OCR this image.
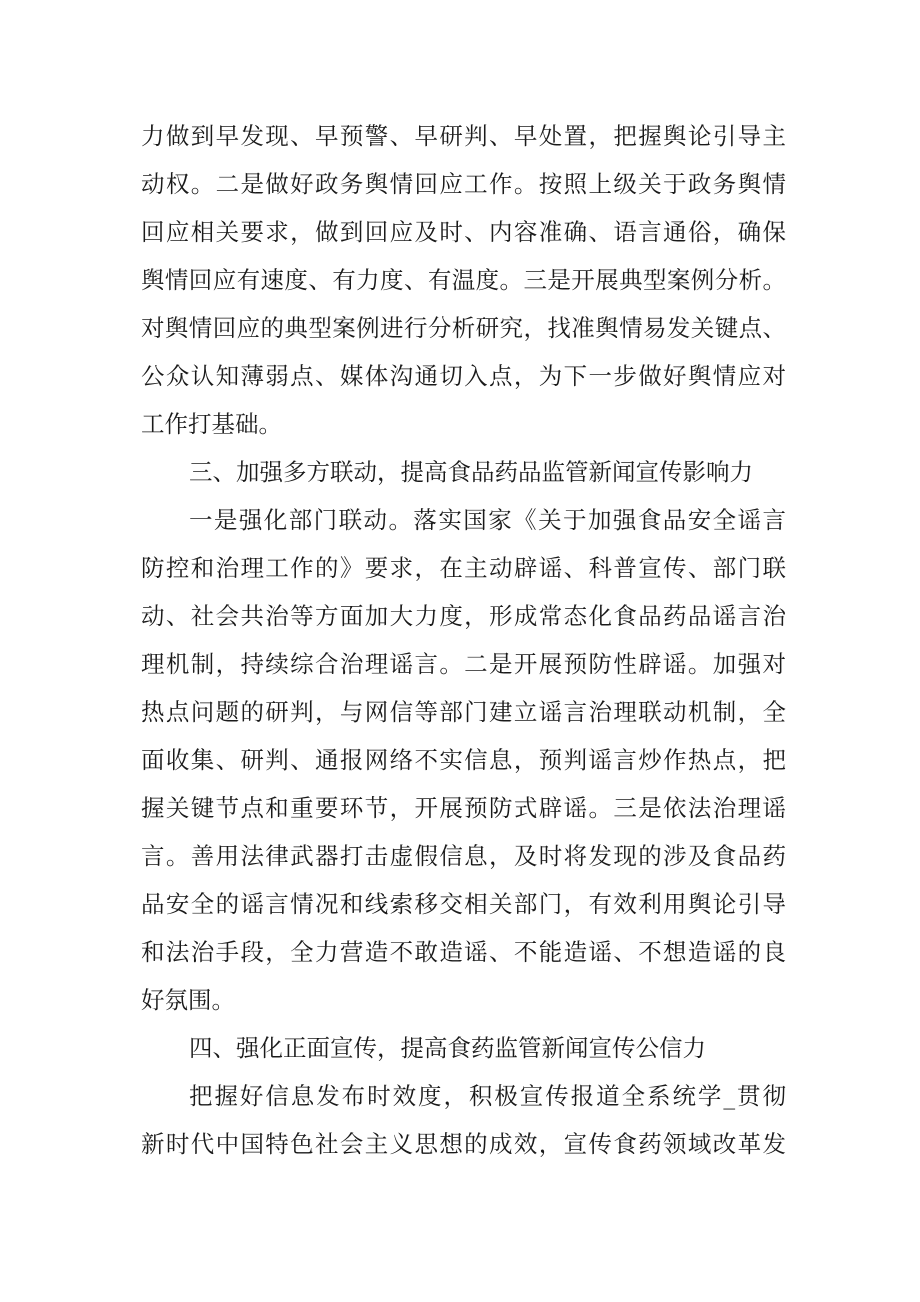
力做到早发现、早预警、早研判、早处置，把握舆论引导主
动权。二是做好政务舆情回应工作。按照上级关于政务舆情
回应相关要求，做到回应及时、内容准确、语言通俗，确保
舆情回应有速度、有力度、有温度。三是开展典型案例分析。
对舆情回应的典型案例进行分析研究，找准舆情易发关键点、
公众认知薄弱点、媒体沟通切入点，为下一步做好舆情应对
工作打基础。
三、加强多方联动，提高食品药品监管新闻宣传影响力
一是强化部门联动。落实国家《关于加强食品安全谣言
防控和治理工作的》要求，在主动辟谣、科普宣传、部门联
动、社会共治等方面加大力度，形成常态化食品药品谣言治
理机制，持续综合治理谣言。二是开展预防性辟谣。加强对
热点问题的研判，与网信等部门建立谣言治理联动机制，全
面收集、研判、通报网络不实信息，预判谣言炒作热点，把
握关键节点和重要环节，开展预防式辟谣。三是依法治理谣
言。善用法律武器打击虚假信息，及时将发现的涉及食品药
品安全的谣言情况和线索移交相关部门，有效利用舆论引导
和法治手段，全力营造不敢造谣、不能造谣、不想造谣的良
好氛围。
四、强化正面宣传，提高食药监管新闻宣传公信力
把握好信息发布时效度，积极宣传报道全系统学_贯彻
新时代中国特色社会主义思想的成效，宣传食药领域改革发
